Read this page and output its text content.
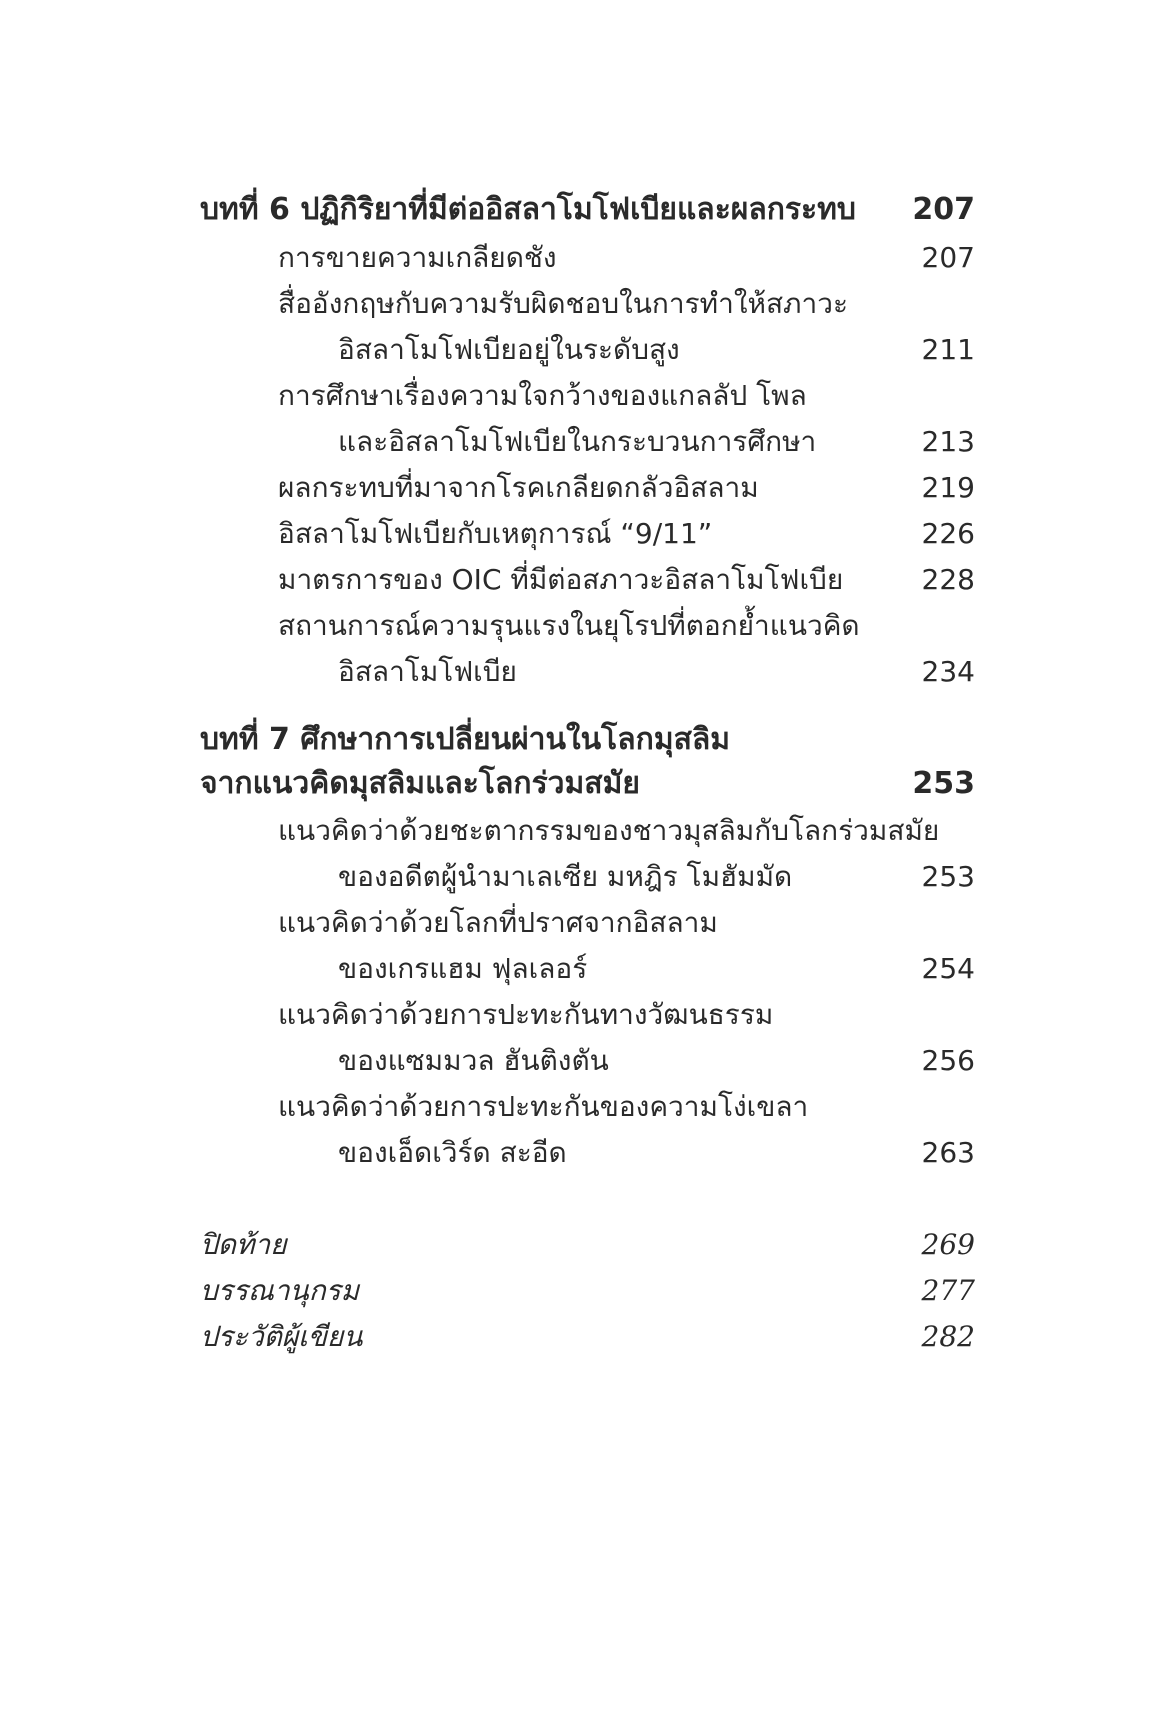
บทที่ 6 ปฏิกิริยาที่มีต่ออิสลาโมโฟเบียและผลกระทบ 207
การขายความเกลียดชัง	207
สื่ออังกฤษกับความรับผิดชอบในการทำให้สภาวะ
อิสลาโมโฟเบียอยู่ในระดับสูง	211
การศึกษาเรื่องความใจกว้างของแกลลัป โพล
และอิสลาโมโฟเบียในกระบวนการศึกษา	213
ผลกระทบที่มาจากโรคเกลียดกลัวอิสลาม	219
อิสลาโมโฟเบียกับเหตุการณ์ “9/11”	226
มาตรการของ OIC ที่มีต่อสภาวะอิสลาโมโฟเบีย	228
สถานการณ์ความรุนแรงในยุโรปที่ตอกย้ำแนวคิด
อิสลาโมโฟเบีย	234
บทที่ 7 ศึกษาการเปลี่ยนผ่านในโลกมุสลิม
จากแนวคิดมุสลิมและโลกร่วมสมัย	253
แนวคิดว่าด้วยชะตากรรมของชาวมุสลิมกับโลกร่วมสมัย
ของอดีตผู้นำมาเลเซีย มหฎิร โมฮัมมัด	253
แนวคิดว่าด้วยโลกที่ปราศจากอิสลาม
ของเกรแฮม ฟุลเลอร์	254
แนวคิดว่าด้วยการปะทะกันทางวัฒนธรรม
ของแซมมวล ฮันติงตัน	256
แนวคิดว่าด้วยการปะทะกันของความโง่เขลา
ของเอ็ดเวิร์ด สะอีด	263
ปิดท้าย	269
บรรณานุกรม	277
ประวัติผู้เขียน	282
